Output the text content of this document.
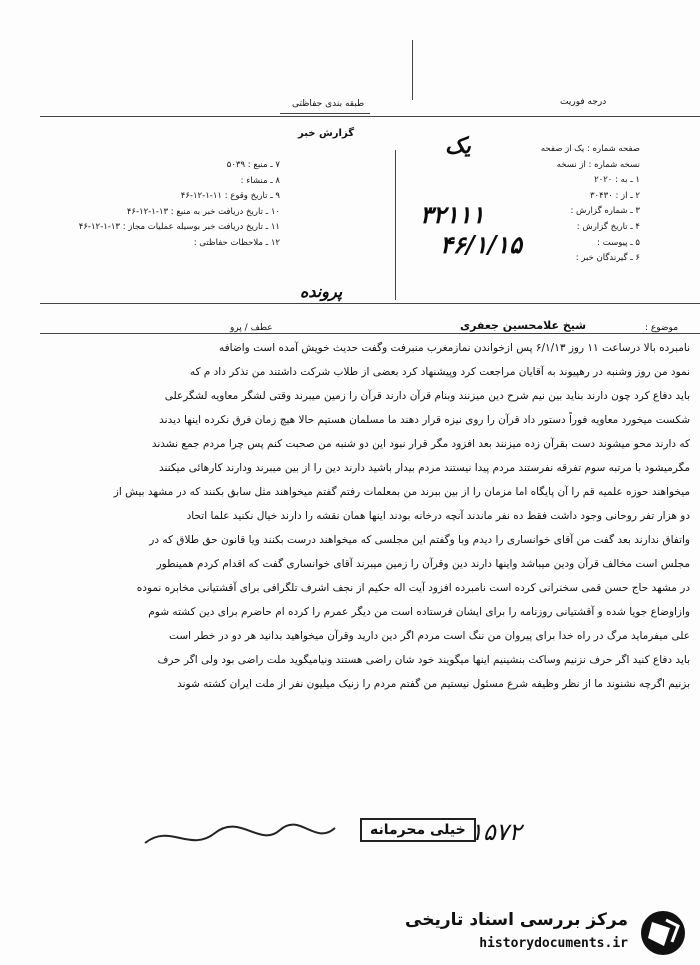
درجه فوریت
طبقه بندی حفاظتی
گزارش خبر
۷ ـ منبع : ۵۰۳۹
۸ ـ منشاء :
۹ ـ تاریخ وقوع : ۱۱-۱-۱۲-۴۶
۱۰ ـ تاریخ دریافت خبر به منبع : ۱۳-۱-۱۲-۴۶
۱۱ ـ تاریخ دریافت خبر بوسیله عملیات مجاز : ۱۳-۱-۱۲-۴۶
۱۲ ـ ملاحظات حفاظتی :
صفحه شماره : یک از صفحه
نسخه شماره : از نسخه
۱ ـ به : ۲۰۲۰
۲ ـ از : ۳۰۴۳۰
۳ ـ شماره گزارش :
۴ ـ تاریخ گزارش :
۵ ـ پیوست :
۶ ـ گیرندگان خبر :
یک
۳۲۱۱۱
۴۶/۱/۱۵
پرونده
موضوع :
شیخ علامحسین جعفری
عطف / پرو

نامبرده بالا درساعت ۱۱ روز ۶/۱/۱۳ پس ازخواندن نمازمغرب منبرفت وگفت حدیث خویش آمده است واضافه

نمود من روز وشنبه در رهپیوند به آقایان مراجعت کرد وپیشنهاد کرد بعضی از طلاب شرکت داشتند من تذکر داد م که

باید دفاع کرد چون دارند بناید بین نیم شرح دین میزنند وبنام قرآن دارند قرآن را زمین میبرند وقتی لشگر معاویه لشگرعلی

شکست میخورد معاویه فوراً دستور داد قرآن را روی نیزه قرار دهند ما مسلمان هستیم حالا هیچ زمان فرق نکرده اینها دیدند

که دارند محو میشوند دست بقرآن زده میزنند بعد افزود مگر قرار نبود این دو شنبه من صحبت کنم پس چرا مردم جمع نشدند

مگرمیشود با مرتبه سوم تفرقه نفرستند مردم پیدا نیستند مردم بیدار باشید دارند دین را از بین میبرند ودارند کارهائی میکنند

میخواهند حوزه علمیه قم را آن پایگاه اما مزمان را از بین ببرند من بمعلمات رفتم گفتم میخواهند مثل سابق بکنند که در مشهد بیش از

دو هزار تفر روحانی وجود داشت فقط ده نفر ماندند آنچه درخانه بودند اینها همان نقشه را دارند خیال نکنید علما اتحاد

واتفاق ندارند بعد گفت من آقای خوانساری را دیدم وبا وگفتم این مجلسی که میخواهند درست بکنند ویا قانون حق طلاق که در

مجلس است مخالف قرآن ودین میباشد واینها دارند دین وقرآن را زمین میبرند آقای خوانساری گفت که اقدام کردم همینطور

در مشهد حاج حسن قمی سخنرانی کرده است نامبرده افزود آیت اله حکیم از نجف اشرف تلگرافی برای آقشتیانی مخابره نموده

وازاوضاع جویا شده و آقشتیانی روزنامه را برای ایشان فرستاده است من دیگر عمرم را کرده ام حاضرم برای دین کشته شوم

علی میفرماید مرگ در راه خدا برای پیروان من ننگ است مردم اگر دین دارید وقرآن میخواهید بدانید هر دو در خطر است

باید دفاع کنید اگر حرف نزنیم وساکت بنشینیم اینها میگویند خود شان راضی هستند ونیامیگوید ملت راضی بود ولی اگر حرف

بزنیم اگرچه نشنوند ما از نظر وظیفه شرع مسئول نیستیم من گفتم مردم را زنیک میلیون نفر از ملت ایران کشته شوند

۱۵۷۲
خیلی محرمانه
مرکز بررسی اسناد تاریخی
historydocuments.ir
